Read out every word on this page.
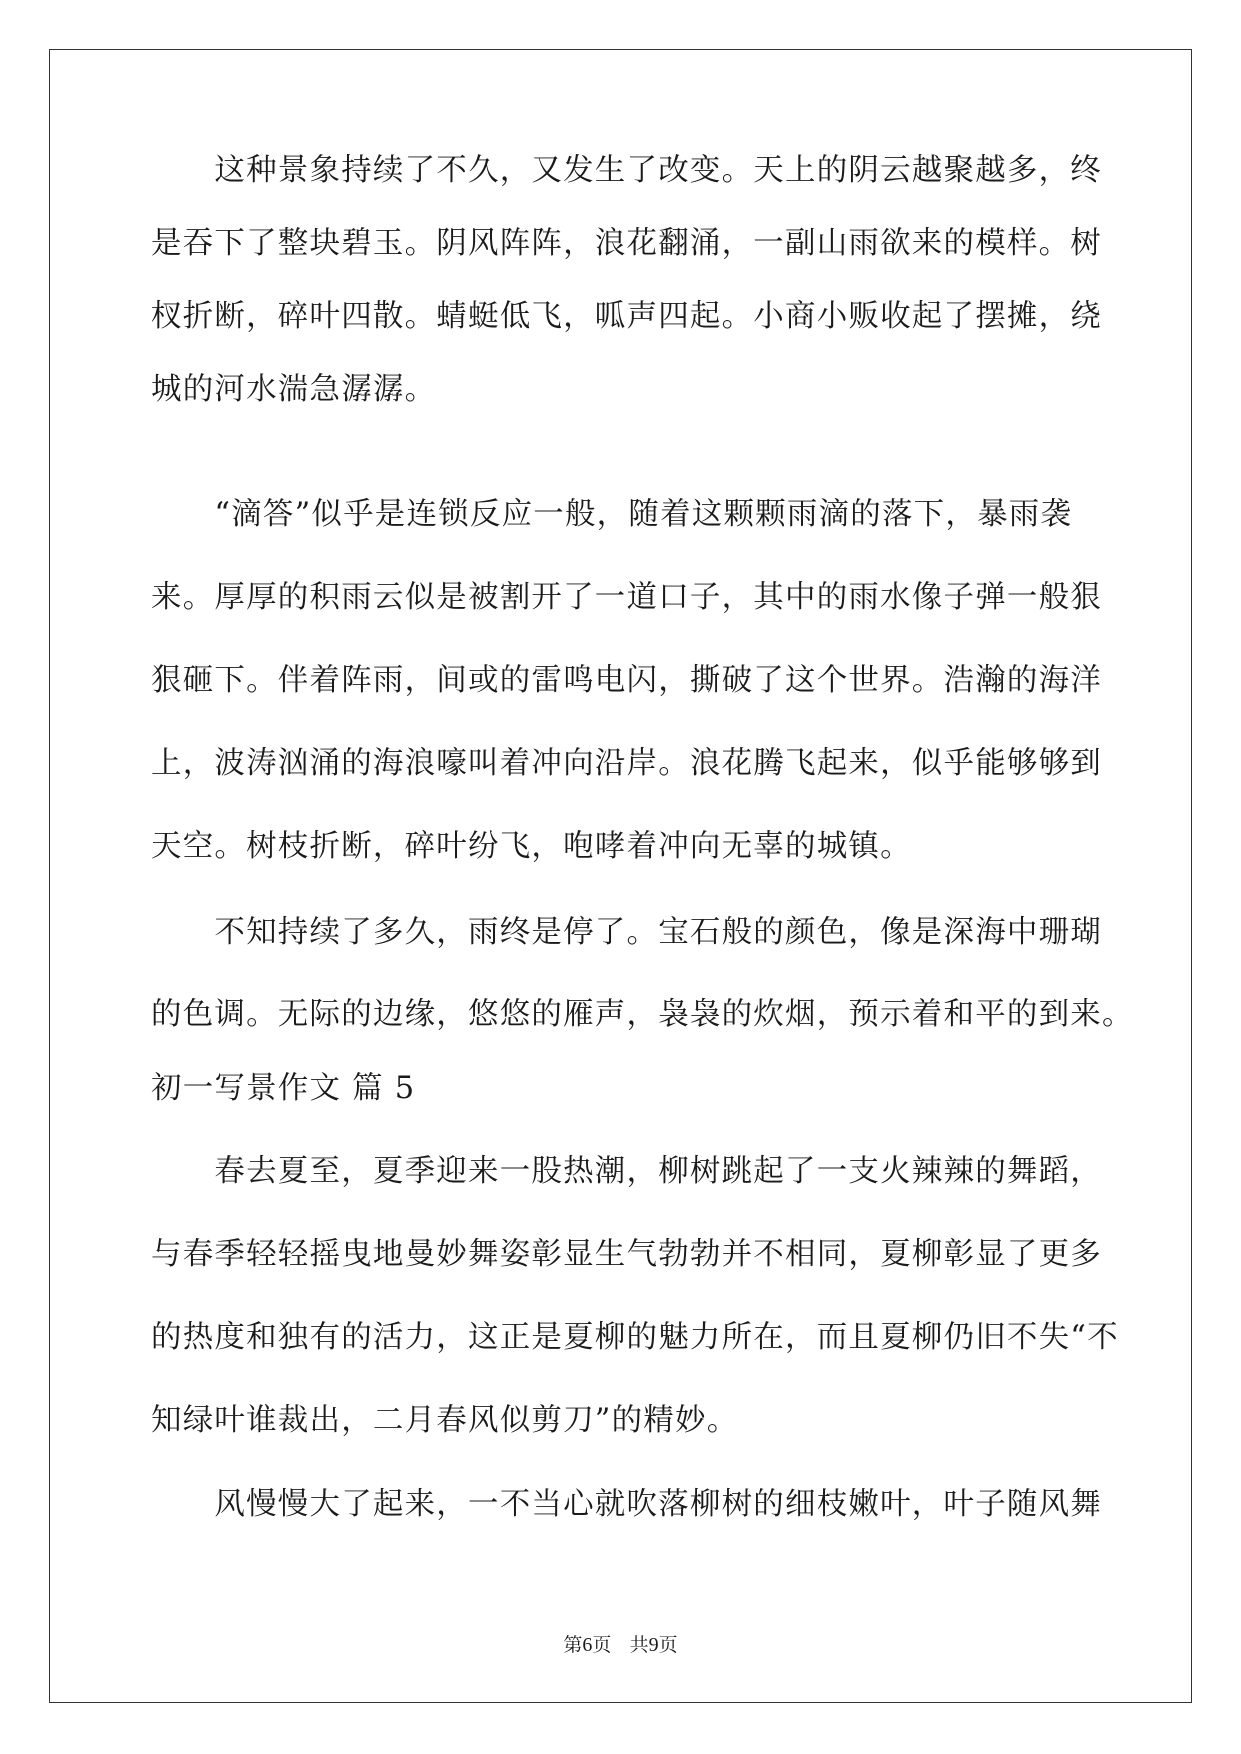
　　这种景象持续了不久，又发生了改变。天上的阴云越聚越多，终
是吞下了整块碧玉。阴风阵阵，浪花翻涌，一副山雨欲来的模样。树
杈折断，碎叶四散。蜻蜓低飞，呱声四起。小商小贩收起了摆摊，绕
城的河水湍急潺潺。
　　“滴答”似乎是连锁反应一般，随着这颗颗雨滴的落下，暴雨袭
来。厚厚的积雨云似是被割开了一道口子，其中的雨水像子弹一般狠
狠砸下。伴着阵雨，间或的雷鸣电闪，撕破了这个世界。浩瀚的海洋
上，波涛汹涌的海浪嚎叫着冲向沿岸。浪花腾飞起来，似乎能够够到
天空。树枝折断，碎叶纷飞，咆哮着冲向无辜的城镇。
　　不知持续了多久，雨终是停了。宝石般的颜色，像是深海中珊瑚
的色调。无际的边缘，悠悠的雁声，袅袅的炊烟，预示着和平的到来。
初一写景作文 篇 5
　　春去夏至，夏季迎来一股热潮，柳树跳起了一支火辣辣的舞蹈，
与春季轻轻摇曳地曼妙舞姿彰显生气勃勃并不相同，夏柳彰显了更多
的热度和独有的活力，这正是夏柳的魅力所在，而且夏柳仍旧不失“不
知绿叶谁裁出，二月春风似剪刀”的精妙。
　　风慢慢大了起来，一不当心就吹落柳树的细枝嫩叶，叶子随风舞
第6页 共9页
